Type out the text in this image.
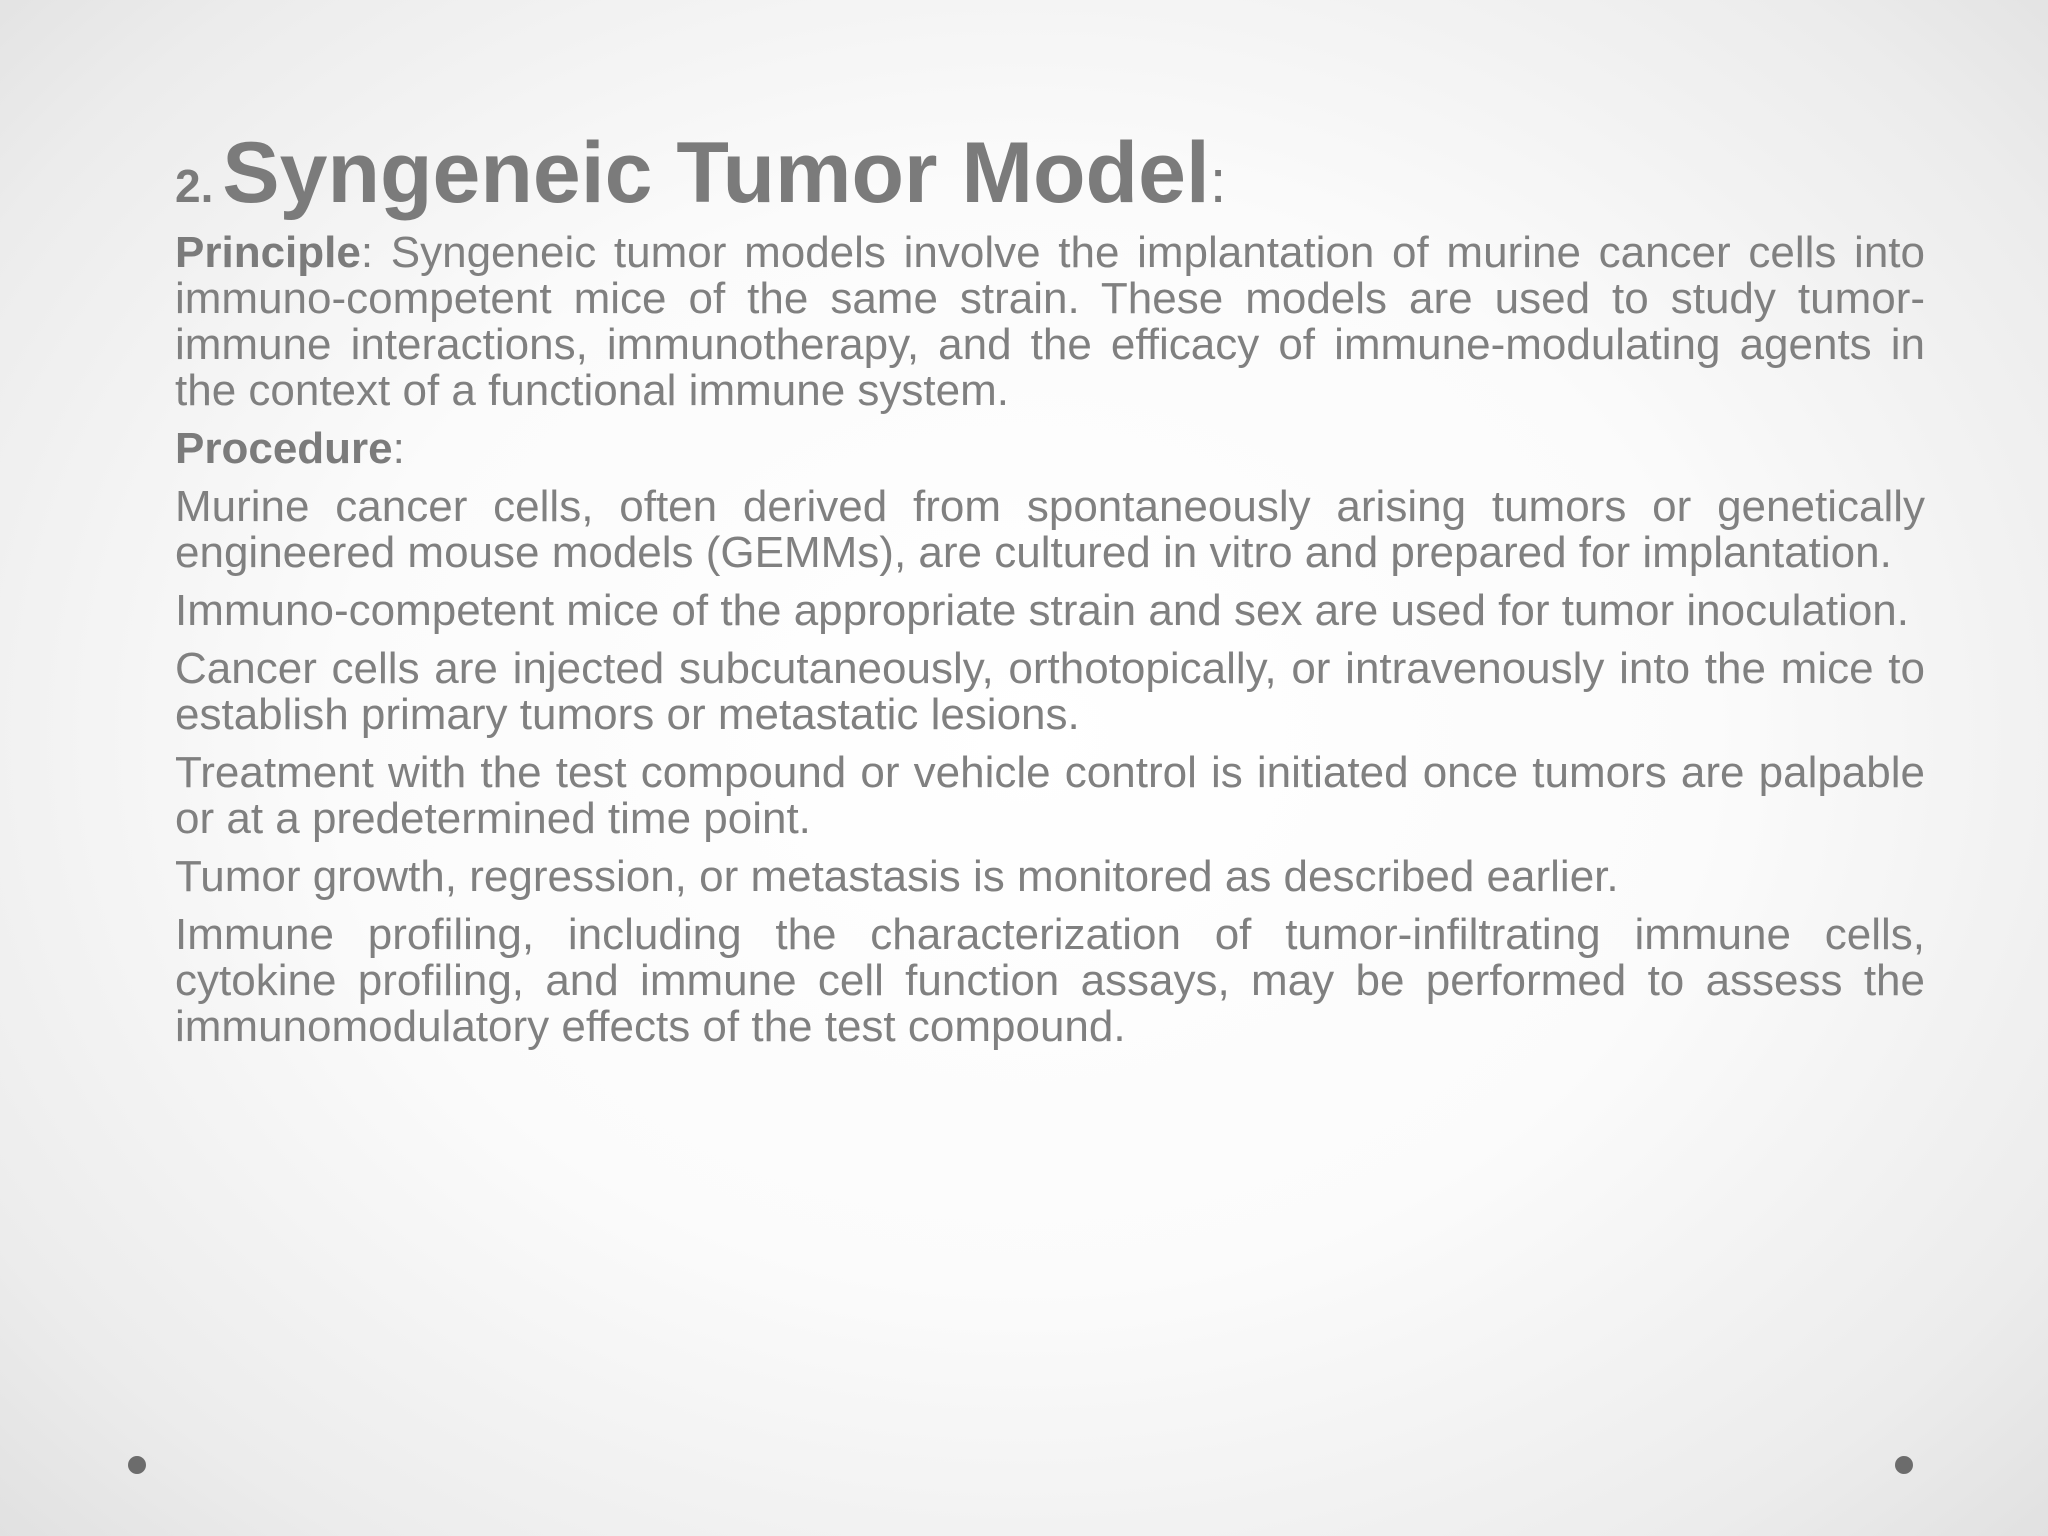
2. Syngeneic Tumor Model:

Principle: Syngeneic tumor models involve the implantation of murine cancer cells into immuno-competent mice of the same strain. These models are used to study tumor-immune interactions, immunotherapy, and the efficacy of immune-modulating agents in the context of a functional immune system.

Procedure:

Murine cancer cells, often derived from spontaneously arising tumors or genetically engineered mouse models (GEMMs), are cultured in vitro and prepared for implantation.

Immuno-competent mice of the appropriate strain and sex are used for tumor inoculation.

Cancer cells are injected subcutaneously, orthotopically, or intravenously into the mice to establish primary tumors or metastatic lesions.

Treatment with the test compound or vehicle control is initiated once tumors are palpable or at a predetermined time point.

Tumor growth, regression, or metastasis is monitored as described earlier.

Immune profiling, including the characterization of tumor-infiltrating immune cells, cytokine profiling, and immune cell function assays, may be performed to assess the immunomodulatory effects of the test compound.
